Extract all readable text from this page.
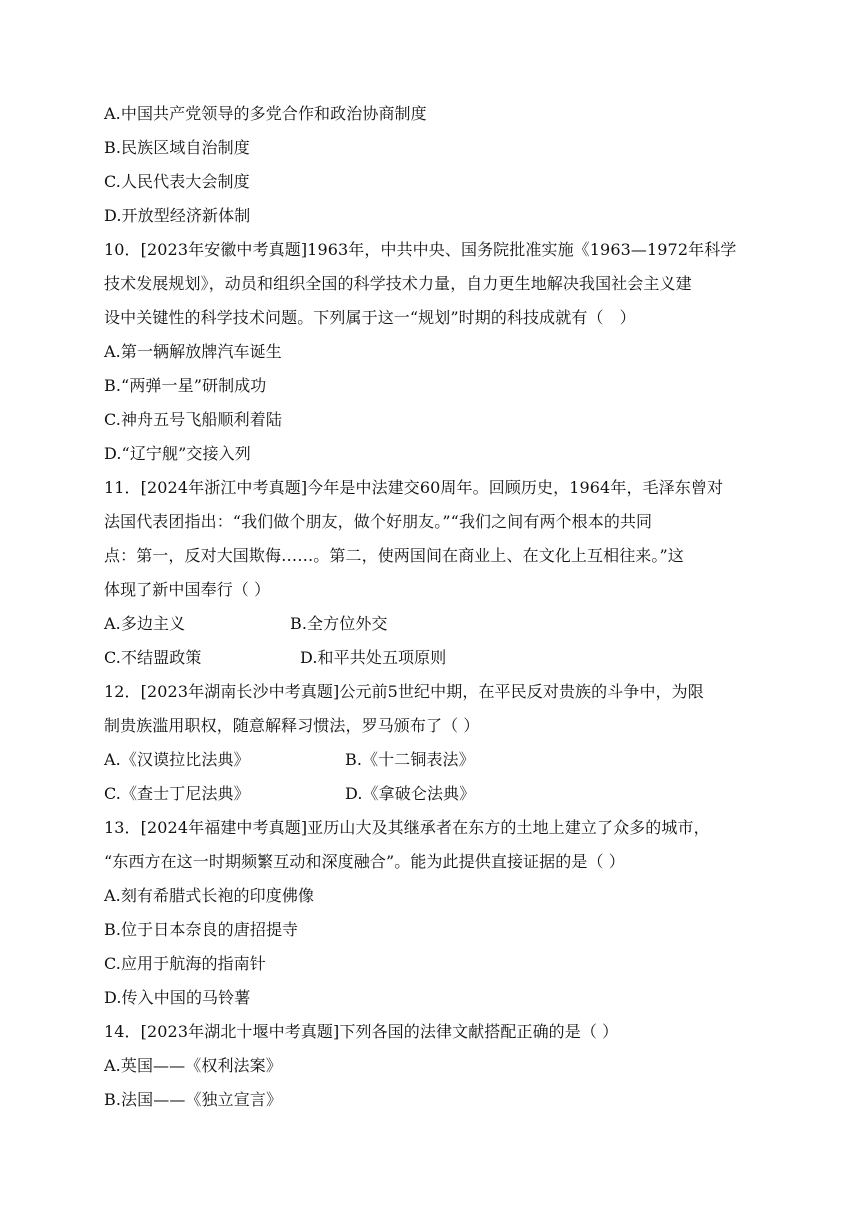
A.中国共产党领导的多党合作和政治协商制度
B.民族区域自治制度
C.人民代表大会制度
D.开放型经济新体制
10．[2023年安徽中考真题]1963年，中共中央、国务院批准实施《1963—1972年科学
技术发展规划》，动员和组织全国的科学技术力量，自力更生地解决我国社会主义建
设中关键性的科学技术问题。下列属于这一“规划”时期的科技成就有（　）
A.第一辆解放牌汽车诞生
B.“两弹一星”研制成功
C.神舟五号飞船顺利着陆
D.“辽宁舰”交接入列
11．[2024年浙江中考真题]今年是中法建交60周年。回顾历史，1964年，毛泽东曾对
法国代表团指出：“我们做个朋友，做个好朋友。”“我们之间有两个根本的共同
点：第一，反对大国欺侮……。第二，使两国间在商业上、在文化上互相往来。”这
体现了新中国奉行（ ）
A.多边主义	B.全方位外交
C.不结盟政策	D.和平共处五项原则
12．[2023年湖南长沙中考真题]公元前5世纪中期，在平民反对贵族的斗争中，为限
制贵族滥用职权，随意解释习惯法，罗马颁布了（ ）
A.《汉谟拉比法典》	B.《十二铜表法》
C.《查士丁尼法典》	D.《拿破仑法典》
13．[2024年福建中考真题]亚历山大及其继承者在东方的土地上建立了众多的城市，
“东西方在这一时期频繁互动和深度融合”。能为此提供直接证据的是（ ）
A.刻有希腊式长袍的印度佛像
B.位于日本奈良的唐招提寺
C.应用于航海的指南针
D.传入中国的马铃薯
14．[2023年湖北十堰中考真题]下列各国的法律文献搭配正确的是（ ）
A.英国——《权利法案》
B.法国——《独立宣言》
